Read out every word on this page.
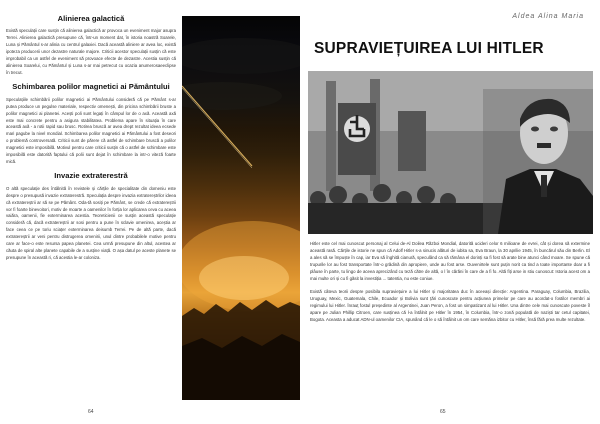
Alinierea galactică

Există speculații care susțin că alinierea galactică ar provoca un eveniment major asupra Terrei. Alinierea galactică presupune că, într-un moment dat, în istoria noastră Soarele, Luna și Pământul s-ar alinia cu centrul galaxiei. Dacă această aliniere ar avea loc, există ipoteza producerii unor dezastre naturale majore. Criticii acestor speculații susțin că este improbabil ca un astfel de eveniment să provoace efecte de dezastre. Acestia susțin că alinierea Soarelui, cu Pământul și Luna s-ar mai petrecut cu ocazia anumerosaeeclipse în trecut.

Schimbarea polilor magnetici ai Pământului

Speculațiile schimbării polilor magnetici ai Pământului consideră că pe Pământ s-ar putea produce un pegulse materiale, respectiv omenești, din pricina schimbării bruste a polilor magnetici ai planetei. Acești poli sunt legați în câmpul lor de o axă. Această axă este mai concrete pentru a asigura stabilitatea. Problema apare în situația în care această axă - a rotii rapid sau brusc. Rotirea bruscă ar avea drept rezultat ideea ecsede mari pagube la nivel mondial. Schimbarea polilor magnetici ai Pământului a fost deseori o problemă controversată. Criticii sunt de părere că astfel de schimbare bruscă a polilor magnetici este imposibilă. Motivul pentru care criticii susțin că o astfel de schimbare este imposibilă este datorită faptului că polii sunt dejat în schimbare la intr-o viteză foarte mică.

Invazie extraterestră

O altă speculație des întâlnită în revistele și cărțile de specialitate din domeniu este despre o presupusă invazie extraterestră. Speculația despre invazia extratereștrilor ideea că extratereștrii ar să se pe Pământ. Oda-tă sosiți pe Pământ, se crede că extratereștrii vor fi foarte binevoitori, motiv de moarte a oamenilor în forția lor aplicarea ceva cu aceea vaiăra, oamenii, fie exterminarea acestia. Teoreticienii ce susțin această speculație consideră că, dacă extratereștrii ar sosi pentru a pune în sclavie omenirea, aceștia ar face ceea ce pe toriu sciațer exterminarea deisumb Terrei. Pe de altă parte, dacă extratereștrii ar veni pentru distrugerea omenirii, unul dintre probabilele motive pentru care ar face-o este resursa papea planetei. Cea urmă presupune din altul, acestea ar căuta de spiral alte planete capabile de a susține viață. O așa datul pe aceste planete se presupune în această ri, că acestia le-ar coloniza.

64
Aldea Alina Maria
SUPRAVIEȚUIREA LUI HITLER

Hitler este cel mai cunoscut personaj al Celui de-Al Doilea Război Mondial, datorită ucideri celor 6 milioane de evrei, cât și dorea să extermine această rasă. Cărțile de istorie ne spun că Adolf Hitler s-a sinucis alături de iubita sa, Eva Braun, la 30 aprilie 1945, în buncărul său din Berlin. El a ales să se împuște în cap, iar Eva să înghită cianură, speculând ca să rămâna el dorinți sa fi fost să arate bine atunci când moare. Se spune că trupurile lor au fost transportate într-o grădină din apropiere, unde au fost arse. Ouvenirtele sunt puțin norit ca tind a toate importante doar a fi plâuse în parte, tu lingo de aceea aprecizând cu teză către de altă, o l în cărăni în care de a fi fo. Altă fiți arse in stiu cunoscut: Istoria acest om a mai multe ori și cu fi găsit la investiția ... tatentia, nu este coniue.

Există câteva teorii despre posibila supraviețuire a lui Hitler și majoritatea duc în aceeași direcție: Argentina. Paraguay, Columbia, Brazilia, Uruguay, Mexic, Guatemala, Chile, Ecuador și Bolivia sunt țări cunoscute pentru acțiunea primelor pe care au acordat-o fostilor membri ai regimului lui Hitler. Înrauț fostul președinte al Argentinei, Juan Peron, a fost un simpatizant al lui Hitler. Una dintre cele mai cunoscute poveste îl apare pe Julian Phillip Citroen, care susținea că l-a întâlnit pe Hitler în 1954, în Columbia, într-o zonă populată de naziști tar cetul capitatei, Bogota. Aceasta a aducat ADN-ul oamenilor CIA, spunând că le o să întâlnit un om care semăna izbitor cu Hitler, însă fără prea multe rezultate.

65
